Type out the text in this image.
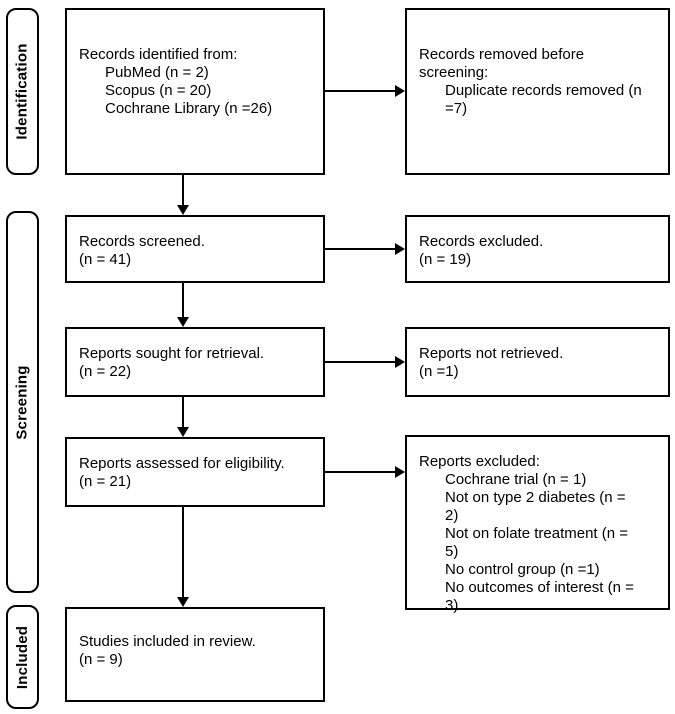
Identification
Screening
Included
Records identified from:
PubMed (n = 2)
Scopus (n = 20)
Cochrane Library (n =26)
Records screened.
(n = 41)
Reports sought for retrieval.
(n = 22)
Reports assessed for eligibility.
(n = 21)
Studies included in review.
(n = 9)
Records removed before screening:
Duplicate records removed (n =7)
Records excluded.
(n = 19)
Reports not retrieved.
(n =1)
Reports excluded:
Cochrane trial (n = 1)
Not on type 2 diabetes (n = 2)
Not on folate treatment (n = 5)
No control group (n =1)
No outcomes of interest (n = 3)
